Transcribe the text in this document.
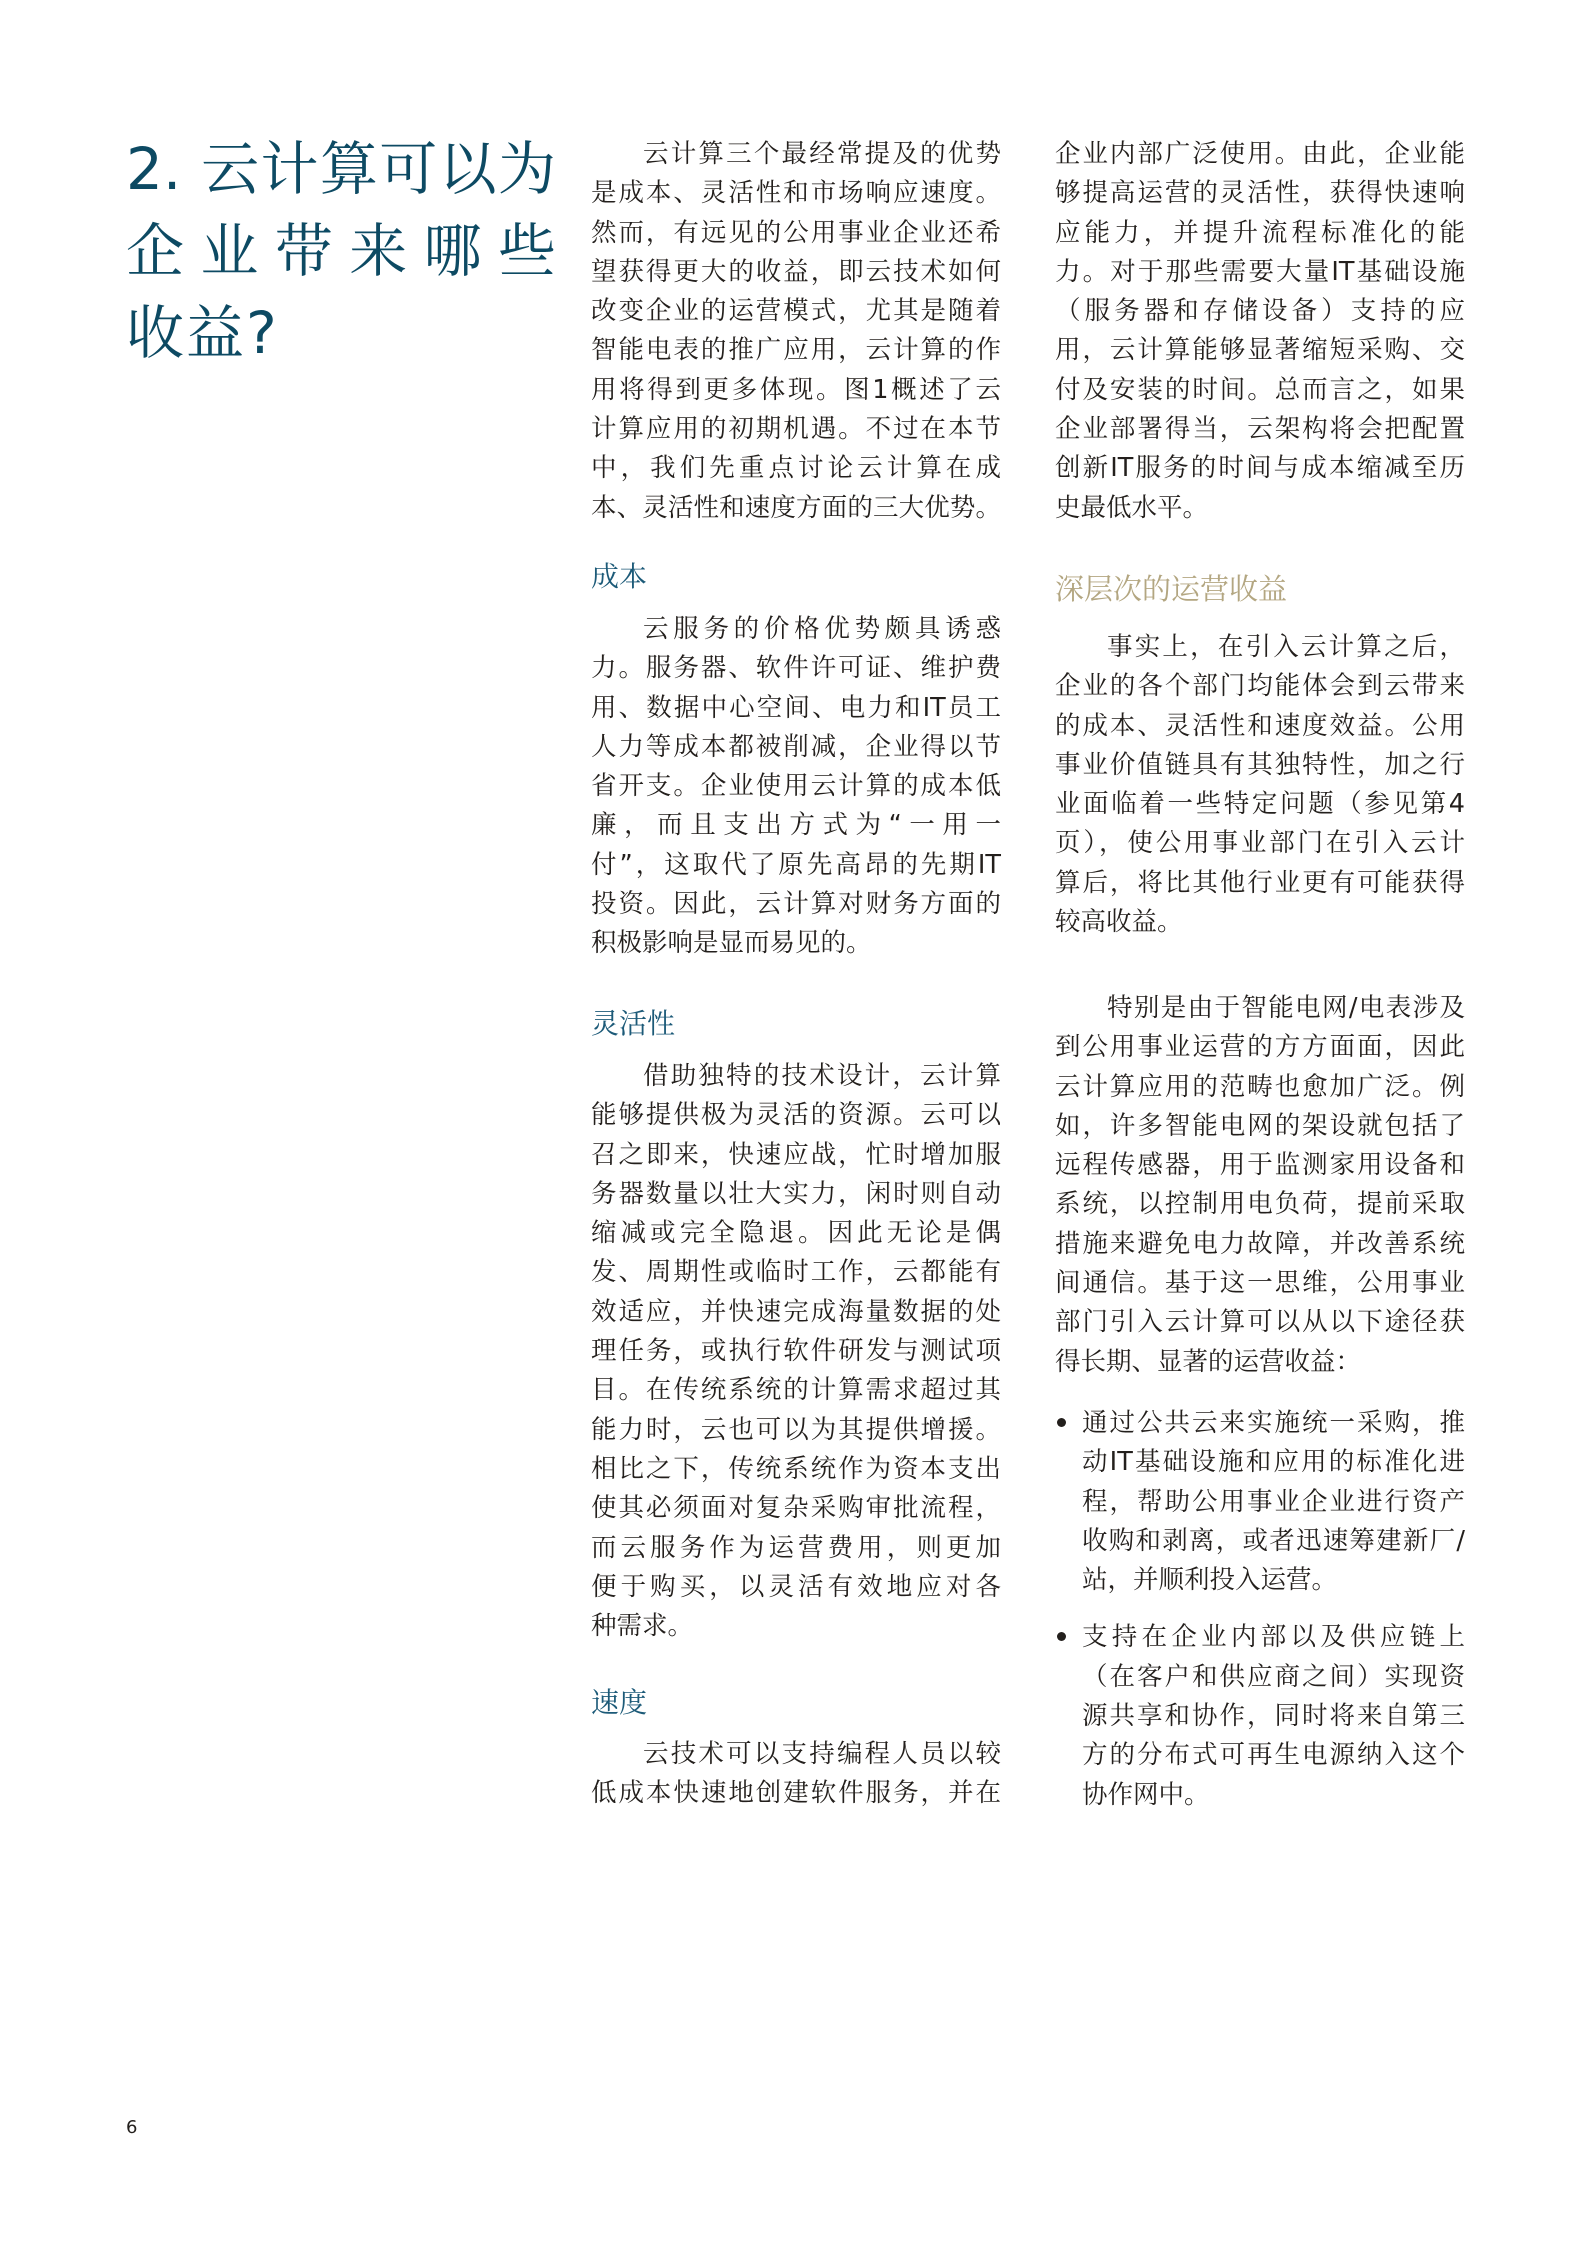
2. 云计算可以为
企业带来哪些
收益?
云计算三个最经常提及的优势
是成本、灵活性和市场响应速度。
然而，有远见的公用事业企业还希
望获得更大的收益，即云技术如何
改变企业的运营模式，尤其是随着
智能电表的推广应用，云计算的作
用将得到更多体现。图1概述了云
计算应用的初期机遇。不过在本节
中，我们先重点讨论云计算在成
本、灵活性和速度方面的三大优势。
成本
云服务的价格优势颇具诱惑
力。服务器、软件许可证、维护费
用、数据中心空间、电力和IT员工
人力等成本都被削减，企业得以节
省开支。企业使用云计算的成本低
廉，而且支出方式为“一用一
付”，这取代了原先高昂的先期IT
投资。因此，云计算对财务方面的
积极影响是显而易见的。
灵活性
借助独特的技术设计，云计算
能够提供极为灵活的资源。云可以
召之即来，快速应战，忙时增加服
务器数量以壮大实力，闲时则自动
缩减或完全隐退。因此无论是偶
发、周期性或临时工作，云都能有
效适应，并快速完成海量数据的处
理任务，或执行软件研发与测试项
目。在传统系统的计算需求超过其
能力时，云也可以为其提供增援。
相比之下，传统系统作为资本支出
使其必须面对复杂采购审批流程，
而云服务作为运营费用，则更加
便于购买，以灵活有效地应对各
种需求。
速度
云技术可以支持编程人员以较
低成本快速地创建软件服务，并在
企业内部广泛使用。由此，企业能
够提高运营的灵活性，获得快速响
应能力，并提升流程标准化的能
力。对于那些需要大量IT基础设施
（服务器和存储设备）支持的应
用，云计算能够显著缩短采购、交
付及安装的时间。总而言之，如果
企业部署得当，云架构将会把配置
创新IT服务的时间与成本缩减至历
史最低水平。
深层次的运营收益
事实上，在引入云计算之后，
企业的各个部门均能体会到云带来
的成本、灵活性和速度效益。公用
事业价值链具有其独特性，加之行
业面临着一些特定问题（参见第4
页），使公用事业部门在引入云计
算后，将比其他行业更有可能获得
较高收益。
特别是由于智能电网/电表涉及
到公用事业运营的方方面面，因此
云计算应用的范畴也愈加广泛。例
如，许多智能电网的架设就包括了
远程传感器，用于监测家用设备和
系统，以控制用电负荷，提前采取
措施来避免电力故障，并改善系统
间通信。基于这一思维，公用事业
部门引入云计算可以从以下途径获
得长期、显著的运营收益：
通过公共云来实施统一采购，推
动IT基础设施和应用的标准化进
程，帮助公用事业企业进行资产
收购和剥离，或者迅速筹建新厂/
站，并顺利投入运营。
支持在企业内部以及供应链上
（在客户和供应商之间）实现资
源共享和协作，同时将来自第三
方的分布式可再生电源纳入这个
协作网中。
6
